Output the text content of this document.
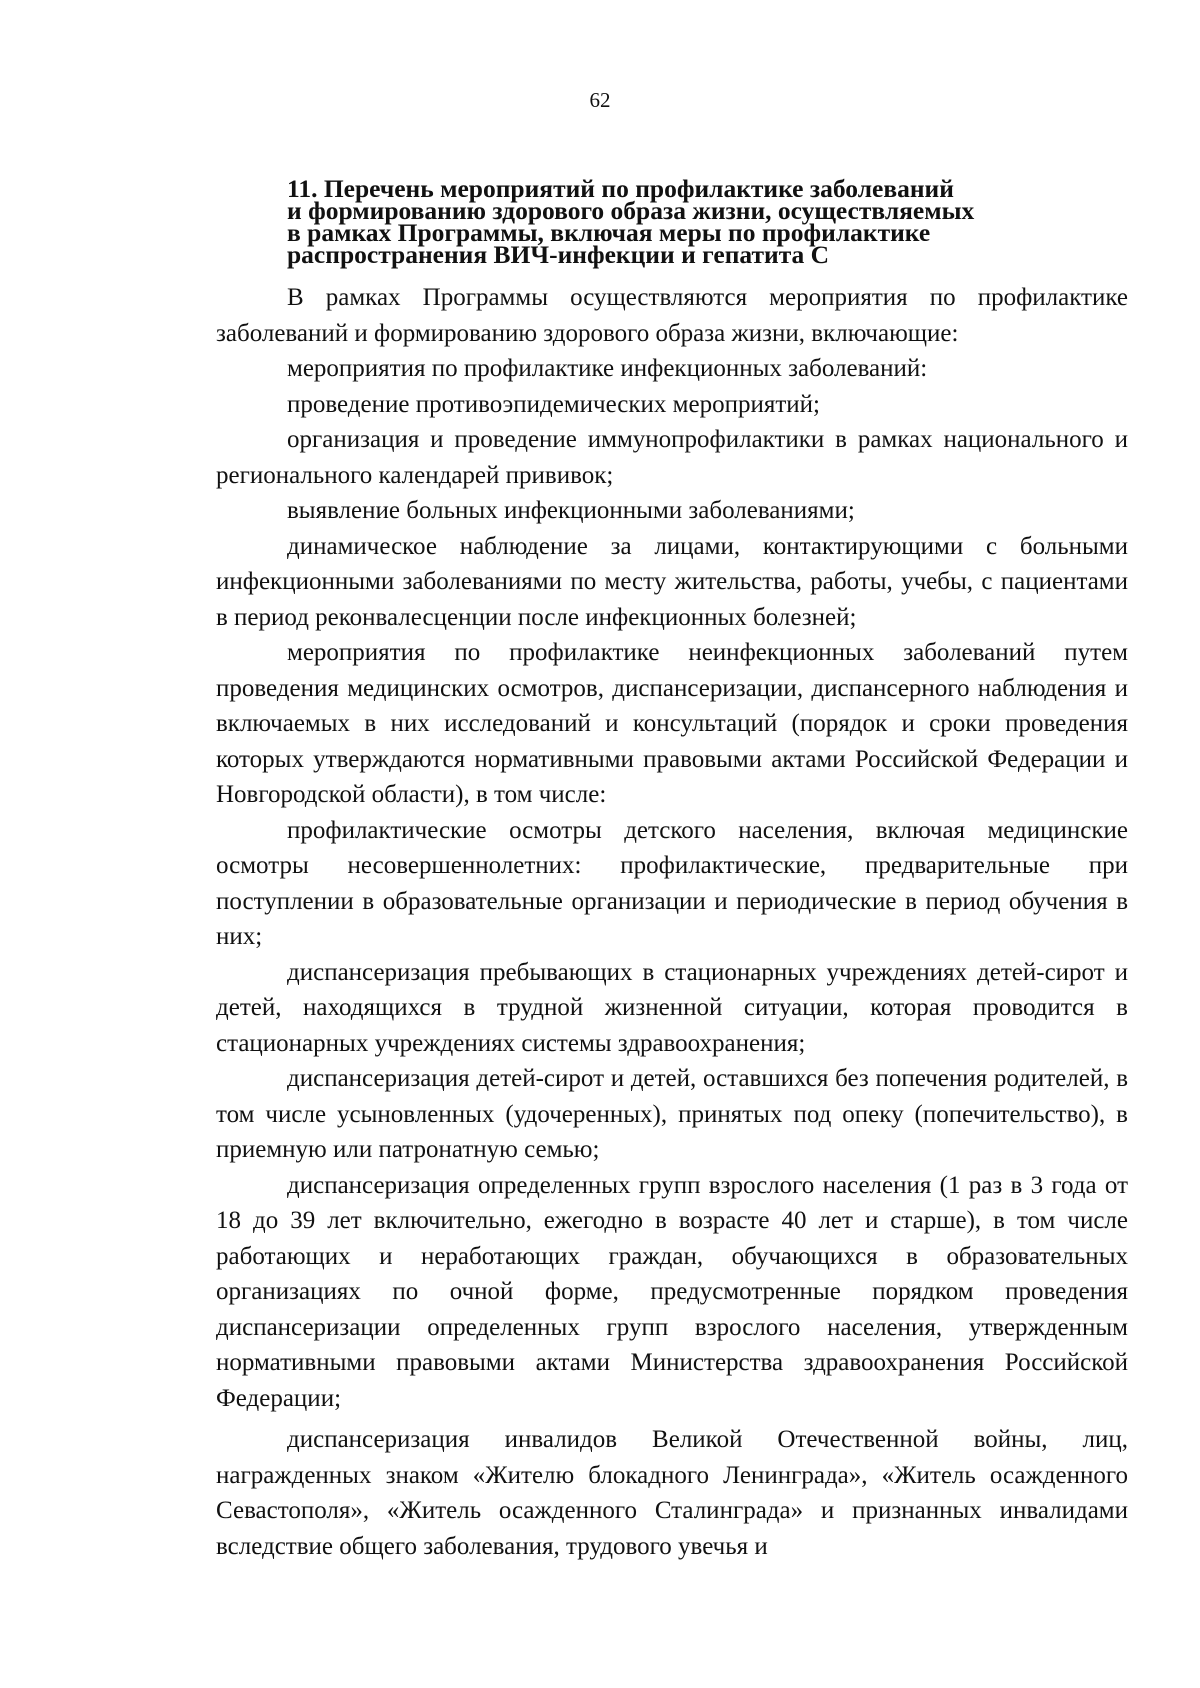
62
11. Перечень мероприятий по профилактике заболеваний
и формированию здорового образа жизни, осуществляемых
в рамках Программы, включая меры по профилактике
распространения ВИЧ-инфекции и гепатита С

В рамках Программы осуществляются мероприятия по профилактике заболеваний и формированию здорового образа жизни, включающие:

мероприятия по профилактике инфекционных заболеваний:

проведение противоэпидемических мероприятий;

организация и проведение иммунопрофилактики в рамках национального и регионального календарей прививок;

выявление больных инфекционными заболеваниями;

динамическое наблюдение за лицами, контактирующими с больными инфекционными заболеваниями по месту жительства, работы, учебы, с пациентами в период реконвалесценции после инфекционных болезней;

мероприятия по профилактике неинфекционных заболеваний путем проведения медицинских осмотров, диспансеризации, диспансерного наблюдения и включаемых в них исследований и консультаций (порядок и сроки проведения которых утверждаются нормативными правовыми актами Российской Федерации и Новгородской области), в том числе:

профилактические осмотры детского населения, включая медицинские осмотры несовершеннолетних: профилактические, предварительные при поступлении в образовательные организации и периодические в период обучения в них;

диспансеризация пребывающих в стационарных учреждениях детей-сирот и детей, находящихся в трудной жизненной ситуации, которая проводится в стационарных учреждениях системы здравоохранения;

диспансеризация детей-сирот и детей, оставшихся без попечения родителей, в том числе усыновленных (удочеренных), принятых под опеку (попечительство), в приемную или патронатную семью;

диспансеризация определенных групп взрослого населения (1 раз в 3 года от 18 до 39 лет включительно, ежегодно в возрасте 40 лет и старше), в том числе работающих и неработающих граждан, обучающихся в образовательных организациях по очной форме, предусмотренные порядком проведения диспансеризации определенных групп взрослого населения, утвержденным нормативными правовыми актами Министерства здравоохранения Российской Федерации;

диспансеризация инвалидов Великой Отечественной войны, лиц, награжденных знаком «Жителю блокадного Ленинграда», «Житель осажденного Севастополя», «Житель осажденного Сталинграда» и признанных инвалидами вследствие общего заболевания, трудового увечья и
